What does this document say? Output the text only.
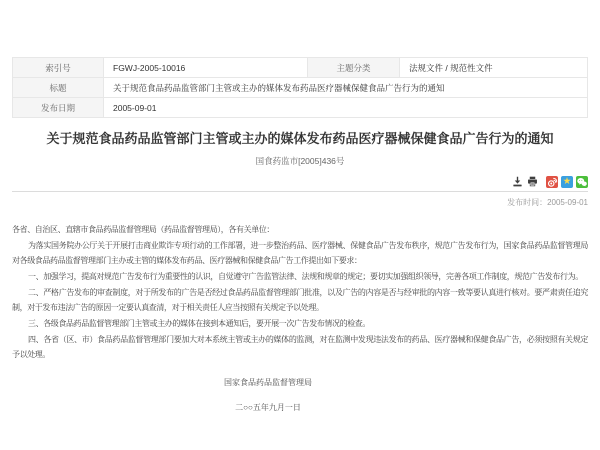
索引号	FGWJ-2005-10016	主题分类	法规文件 / 规范性文件
标题	关于规范食品药品监管部门主管或主办的媒体发布药品医疗器械保健食品广告行为的通知		
发布日期	2005-09-01		
关于规范食品药品监管部门主管或主办的媒体发布药品医疗器械保健食品广告行为的通知
国食药监市[2005]436号
★
发布时间：2005-09-01

各省、自治区、直辖市食品药品监督管理局（药品监督管理局），各有关单位：

为落实国务院办公厅关于开展打击商业欺诈专项行动的工作部署，进一步整治药品、医疗器械、保健食品广告发布秩序，规范广告发布行为，国家食品药品监督管理局对各级食品药品监督管理部门主办或主管的媒体发布药品、医疗器械和保健食品广告工作提出如下要求：

一、加强学习，提高对规范广告发布行为重要性的认识，自觉遵守广告监管法律、法规和规章的规定；要切实加强组织领导，完善各项工作制度，规范广告发布行为。

二、严格广告发布的审查制度，对于所发布的广告是否经过食品药品监督管理部门批准，以及广告的内容是否与经审批的内容一致等要认真进行核对。要严肃责任追究制，对于发布违法广告的原因一定要认真查清，对于相关责任人应当按照有关规定予以处理。

三、各级食品药品监督管理部门主管或主办的媒体在接到本通知后，要开展一次广告发布情况的检查。

四、各省（区、市）食品药品监督管理部门要加大对本系统主管或主办的媒体的监测，对在监测中发现违法发布的药品、医疗器械和保健食品广告，必须按照有关规定予以处理。

国家食品药品监督管理局
二○○五年九月一日
